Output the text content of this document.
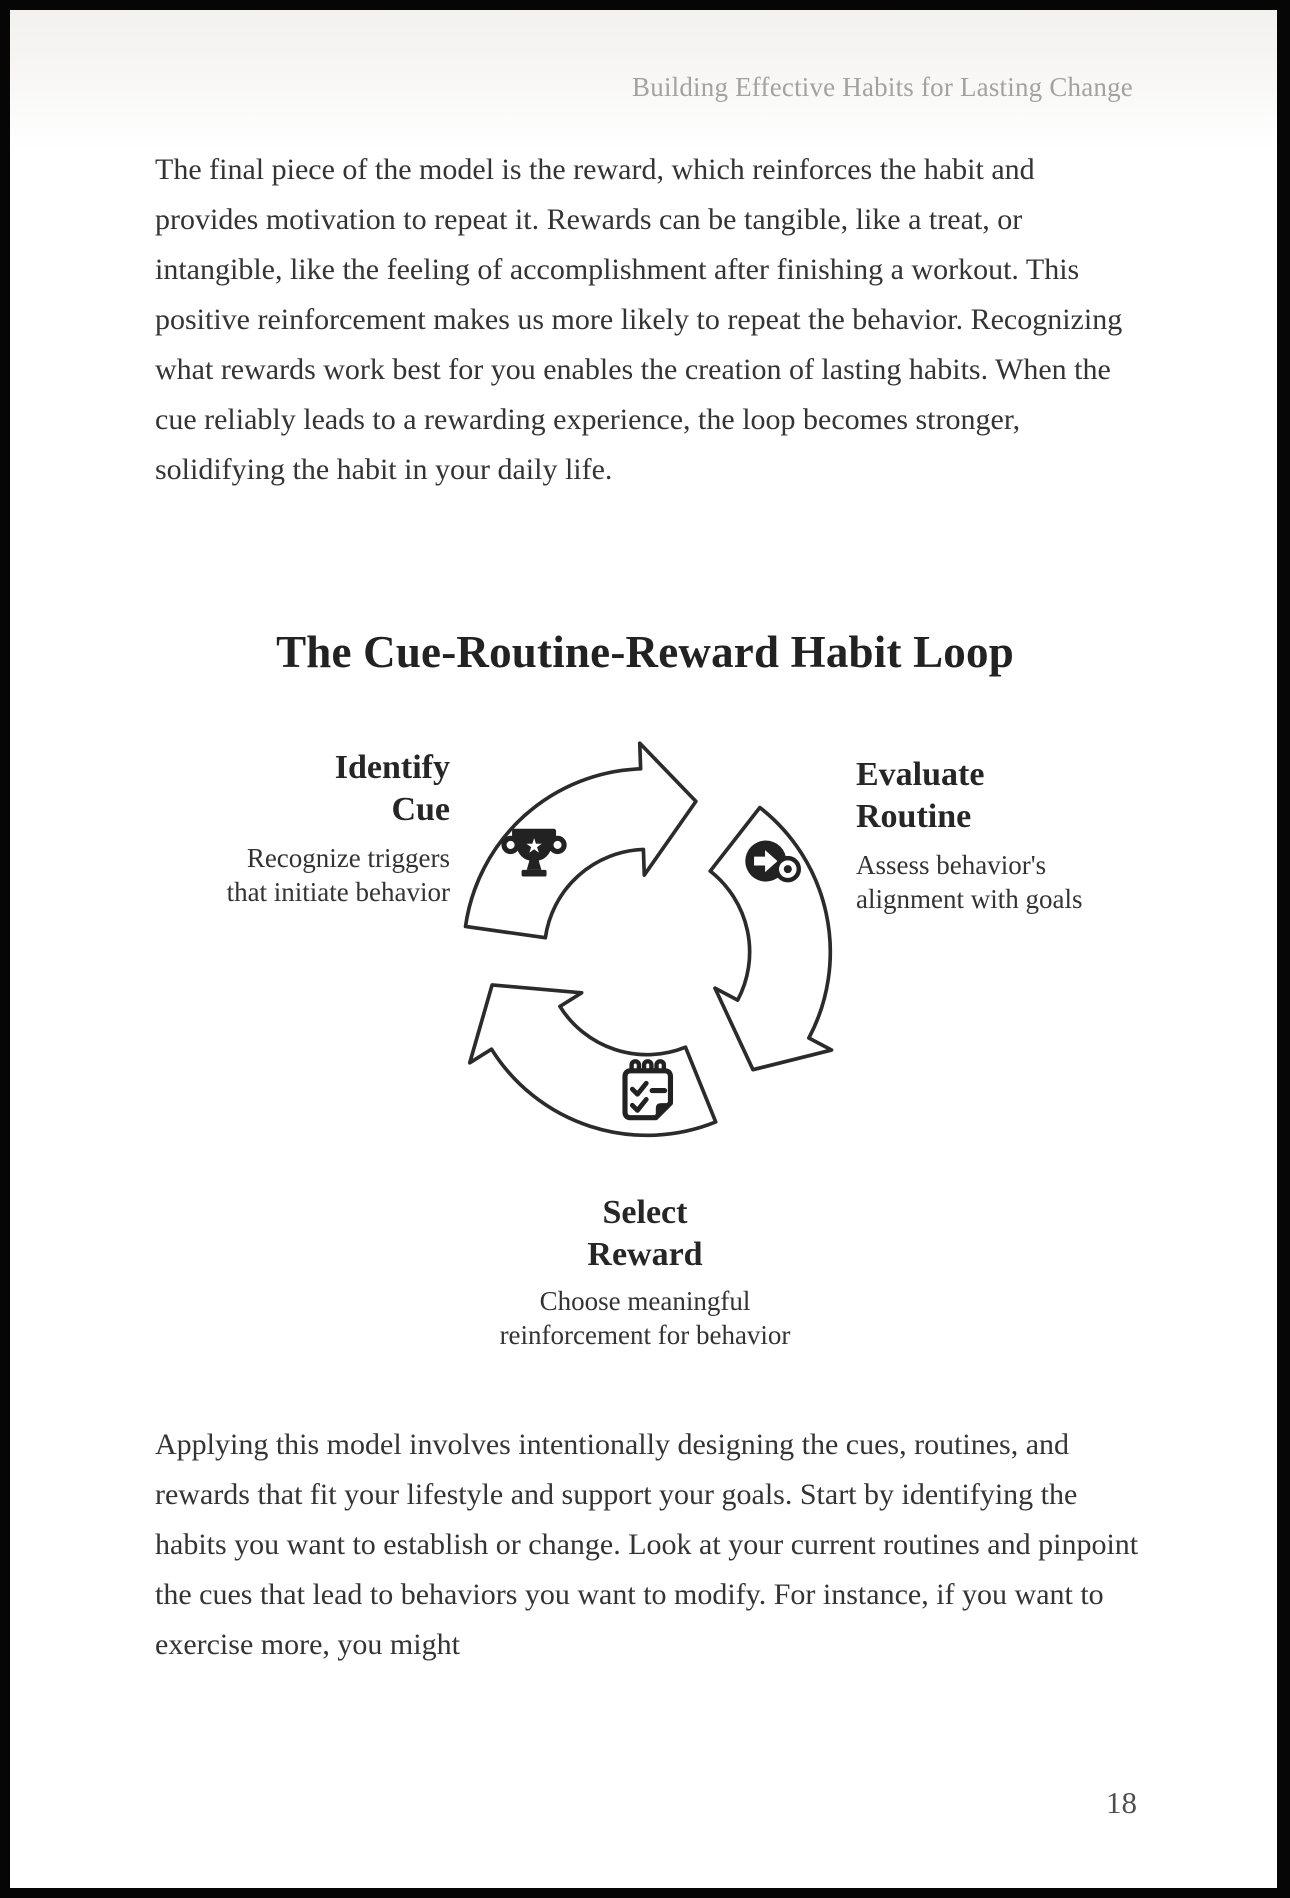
Building Effective Habits for Lasting Change
The final piece of the model is the reward, which reinforces the habit and provides motivation to repeat it. Rewards can be tangible, like a treat, or intangible, like the feeling of accomplishment after finishing a workout. This positive reinforcement makes us more likely to repeat the behavior. Recognizing what rewards work best for you enables the creation of lasting habits. When the cue reliably leads to a rewarding experience, the loop becomes stronger, solidifying the habit in your daily life.
The Cue-Routine-Reward Habit Loop
★
Identify
Cue
Recognize triggers
that initiate behavior
Evaluate
Routine
Assess behavior's
alignment with goals
Select
Reward
Choose meaningful
reinforcement for behavior
Applying this model involves intentionally designing the cues, routines, and rewards that fit your lifestyle and support your goals. Start by identifying the habits you want to establish or change. Look at your current routines and pinpoint the cues that lead to behaviors you want to modify. For instance, if you want to exercise more, you might
18
